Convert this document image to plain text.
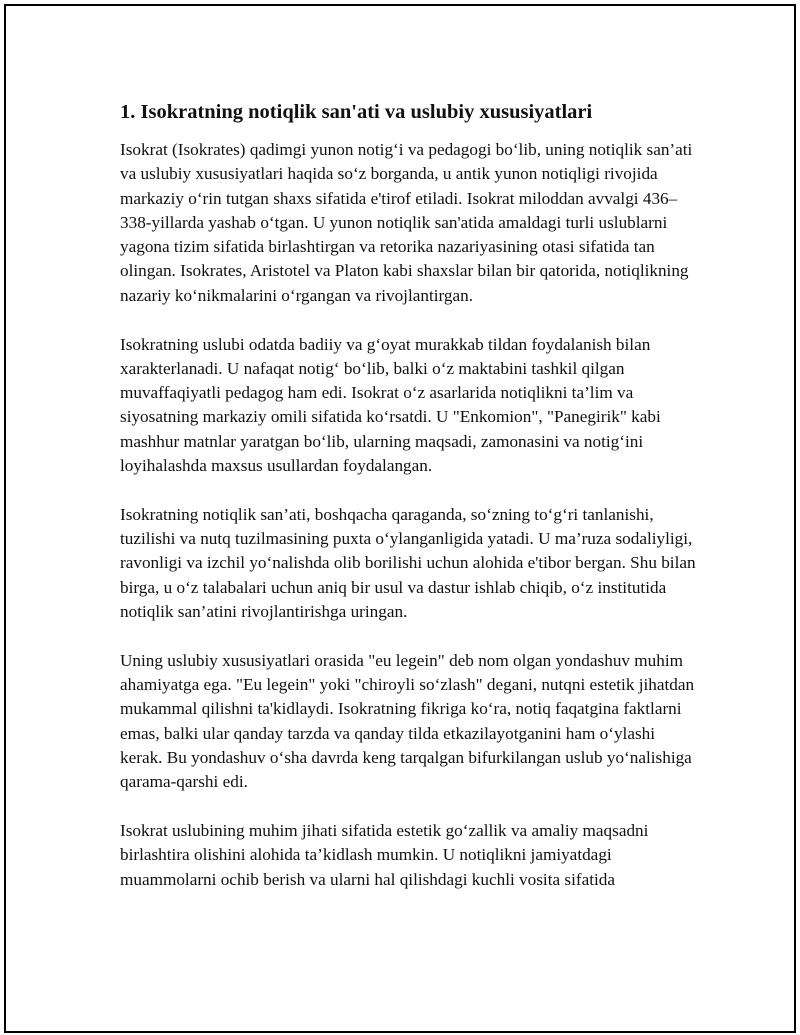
1. Isokratning notiqlik san'ati va uslubiy xususiyatlari

Isokrat (Isokrates) qadimgi yunon notig‘i va pedagogi bo‘lib, uning notiqlik san’ati va uslubiy xususiyatlari haqida so‘z borganda, u antik yunon notiqligi rivojida markaziy o‘rin tutgan shaxs sifatida e'tirof etiladi. Isokrat miloddan avvalgi 436–338-yillarda yashab o‘tgan. U yunon notiqlik san'atida amaldagi turli uslublarni yagona tizim sifatida birlashtirgan va retorika nazariyasining otasi sifatida tan olingan. Isokrates, Aristotel va Platon kabi shaxslar bilan bir qatorida, notiqlikning nazariy ko‘nikmalarini o‘rgangan va rivojlantirgan.

Isokratning uslubi odatda badiiy va g‘oyat murakkab tildan foydalanish bilan xarakterlanadi. U nafaqat notig‘ bo‘lib, balki o‘z maktabini tashkil qilgan muvaffaqiyatli pedagog ham edi. Isokrat o‘z asarlarida notiqlikni ta’lim va siyosatning markaziy omili sifatida ko‘rsatdi. U "Enkomion", "Panegirik" kabi mashhur matnlar yaratgan bo‘lib, ularning maqsadi, zamonasini va notig‘ini loyihalashda maxsus usullardan foydalangan.

Isokratning notiqlik san’ati, boshqacha qaraganda, so‘zning to‘g‘ri tanlanishi, tuzilishi va nutq tuzilmasining puxta o‘ylanganligida yatadi. U ma’ruza sodaliyligi, ravonligi va izchil yo‘nalishda olib borilishi uchun alohida e'tibor bergan. Shu bilan birga, u o‘z talabalari uchun aniq bir usul va dastur ishlab chiqib, o‘z institutida notiqlik san’atini rivojlantirishga uringan.

Uning uslubiy xususiyatlari orasida "eu legein" deb nom olgan yondashuv muhim ahamiyatga ega. "Eu legein" yoki "chiroyli so‘zlash" degani, nutqni estetik jihatdan mukammal qilishni ta'kidlaydi. Isokratning fikriga ko‘ra, notiq faqatgina faktlarni emas, balki ular qanday tarzda va qanday tilda etkazilayotganini ham o‘ylashi kerak. Bu yondashuv o‘sha davrda keng tarqalgan bifurkilangan uslub yo‘nalishiga qarama-qarshi edi.

Isokrat uslubining muhim jihati sifatida estetik go‘zallik va amaliy maqsadni birlashtira olishini alohida ta’kidlash mumkin. U notiqlikni jamiyatdagi muammolarni ochib berish va ularni hal qilishdagi kuchli vosita sifatida
